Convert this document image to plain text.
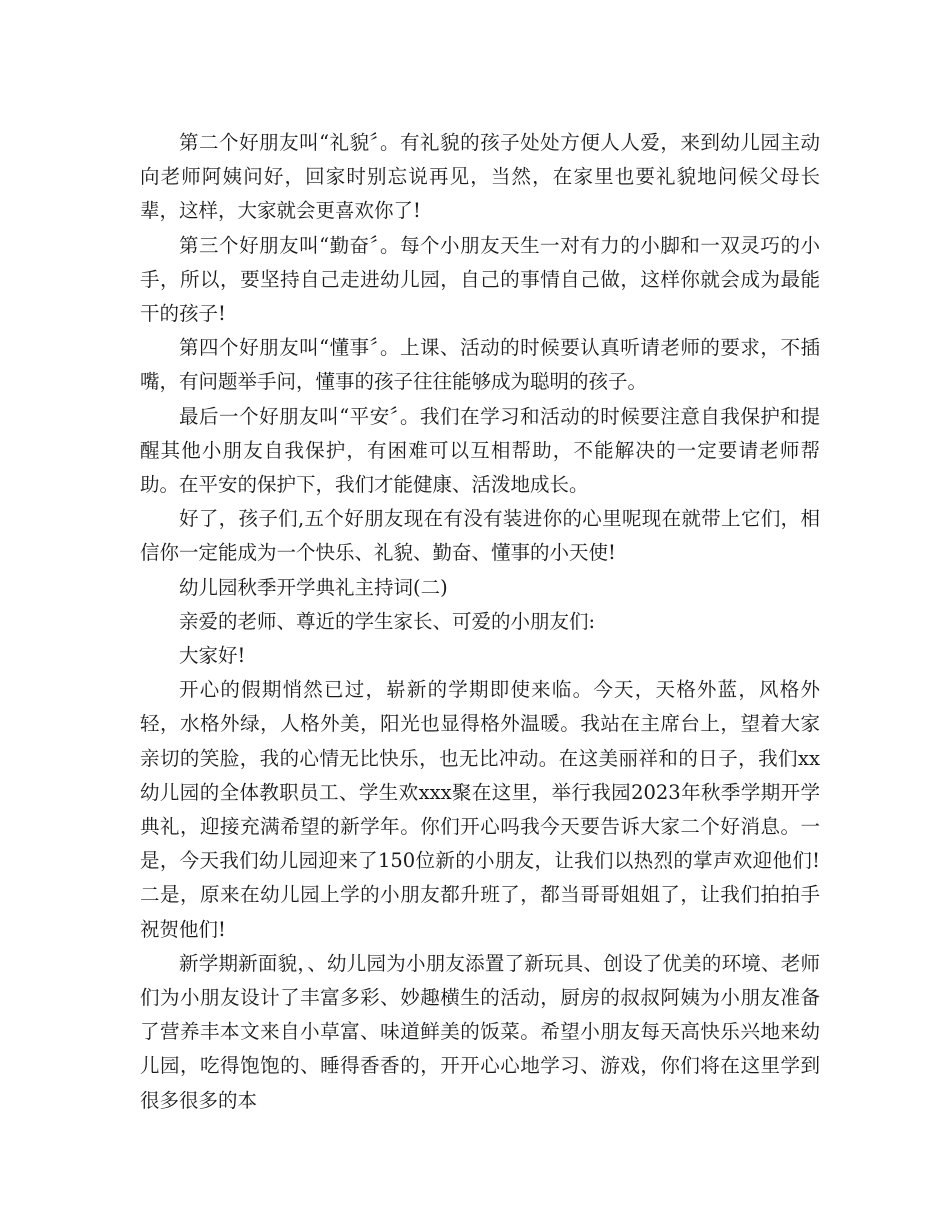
第二个好朋友叫“礼貌〞。有礼貌的孩子处处方便人人爱，来到幼儿园主动向老师阿姨问好，回家时别忘说再见，当然，在家里也要礼貌地问候父母长辈，这样，大家就会更喜欢你了!

第三个好朋友叫“勤奋〞。每个小朋友天生一对有力的小脚和一双灵巧的小手，所以，要坚持自己走进幼儿园，自己的事情自己做，这样你就会成为最能干的孩子!

第四个好朋友叫“懂事〞。上课、活动的时候要认真听请老师的要求，不插嘴，有问题举手问，懂事的孩子往往能够成为聪明的孩子。

最后一个好朋友叫“平安〞。我们在学习和活动的时候要注意自我保护和提醒其他小朋友自我保护，有困难可以互相帮助，不能解决的一定要请老师帮助。在平安的保护下，我们才能健康、活泼地成长。

好了，孩子们,五个好朋友现在有没有装进你的心里呢现在就带上它们，相信你一定能成为一个快乐、礼貌、勤奋、懂事的小天使!

幼儿园秋季开学典礼主持词(二)

亲爱的老师、尊近的学生家长、可爱的小朋友们:

大家好!

开心的假期悄然已过，崭新的学期即使来临。今天，天格外蓝，风格外轻，水格外绿，人格外美，阳光也显得格外温暖。我站在主席台上，望着大家亲切的笑脸，我的心情无比快乐，也无比冲动。在这美丽祥和的日子，我们xx幼儿园的全体教职员工、学生欢xxx聚在这里，举行我园2023年秋季学期开学典礼，迎接充满希望的新学年。你们开心吗我今天要告诉大家二个好消息。一是，今天我们幼儿园迎来了150位新的小朋友，让我们以热烈的掌声欢迎他们!二是，原来在幼儿园上学的小朋友都升班了，都当哥哥姐姐了，让我们拍拍手祝贺他们!

新学期新面貌，、幼儿园为小朋友添置了新玩具、创设了优美的环境、老师们为小朋友设计了丰富多彩、妙趣横生的活动，厨房的叔叔阿姨为小朋友准备了营养丰本文来自小草富、味道鲜美的饭菜。希望小朋友每天高快乐兴地来幼儿园，吃得饱饱的、睡得香香的，开开心心地学习、游戏，你们将在这里学到很多很多的本
